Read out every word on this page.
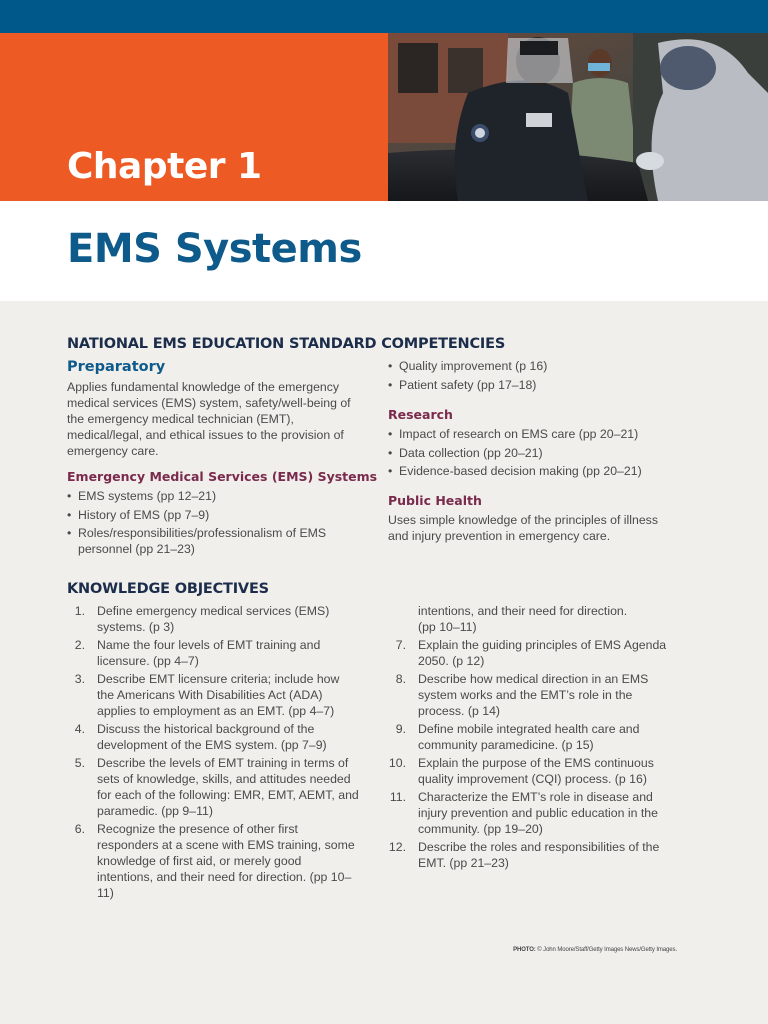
Chapter 1
EMS Systems
NATIONAL EMS EDUCATION STANDARD COMPETENCIES
Preparatory

Applies fundamental knowledge of the emergency medical services (EMS) system, safety/well-being of the emergency medical technician (EMT), medical/legal, and ethical issues to the provision of emergency care.

Emergency Medical Services (EMS) Systems
• EMS systems (pp 12–21)
• History of EMS (pp 7–9)
• Roles/responsibilities/professionalism of EMS personnel (pp 21–23)
• Quality improvement (p 16)
• Patient safety (pp 17–18)
Research
• Impact of research on EMS care (pp 20–21)
• Data collection (pp 20–21)
• Evidence-based decision making (pp 20–21)
Public Health

Uses simple knowledge of the principles of illness and injury prevention in emergency care.

KNOWLEDGE OBJECTIVES
1. Define emergency medical services (EMS) systems. (p 3)
2. Name the four levels of EMT training and licensure. (pp 4–7)
3. Describe EMT licensure criteria; include how the Americans With Disabilities Act (ADA) applies to employment as an EMT. (pp 4–7)
4. Discuss the historical background of the development of the EMS system. (pp 7–9)
5. Describe the levels of EMT training in terms of sets of knowledge, skills, and attitudes needed for each of the following: EMR, EMT, AEMT, and paramedic. (pp 9–11)
6. Recognize the presence of other first responders at a scene with EMS training, some knowledge of first aid, or merely good intentions, and their need for direction. (pp 10–11)
intentions, and their need for direction.
(pp 10–11)
7. Explain the guiding principles of EMS Agenda 2050. (p 12)
8. Describe how medical direction in an EMS system works and the EMT’s role in the process. (p 14)
9. Define mobile integrated health care and community paramedicine. (p 15)
10. Explain the purpose of the EMS continuous quality improvement (CQI) process. (p 16)
11. Characterize the EMT’s role in disease and injury prevention and public education in the community. (pp 19–20)
12. Describe the roles and responsibilities of the EMT. (pp 21–23)
PHOTO: © John Moore/Staff/Getty Images News/Getty Images.
